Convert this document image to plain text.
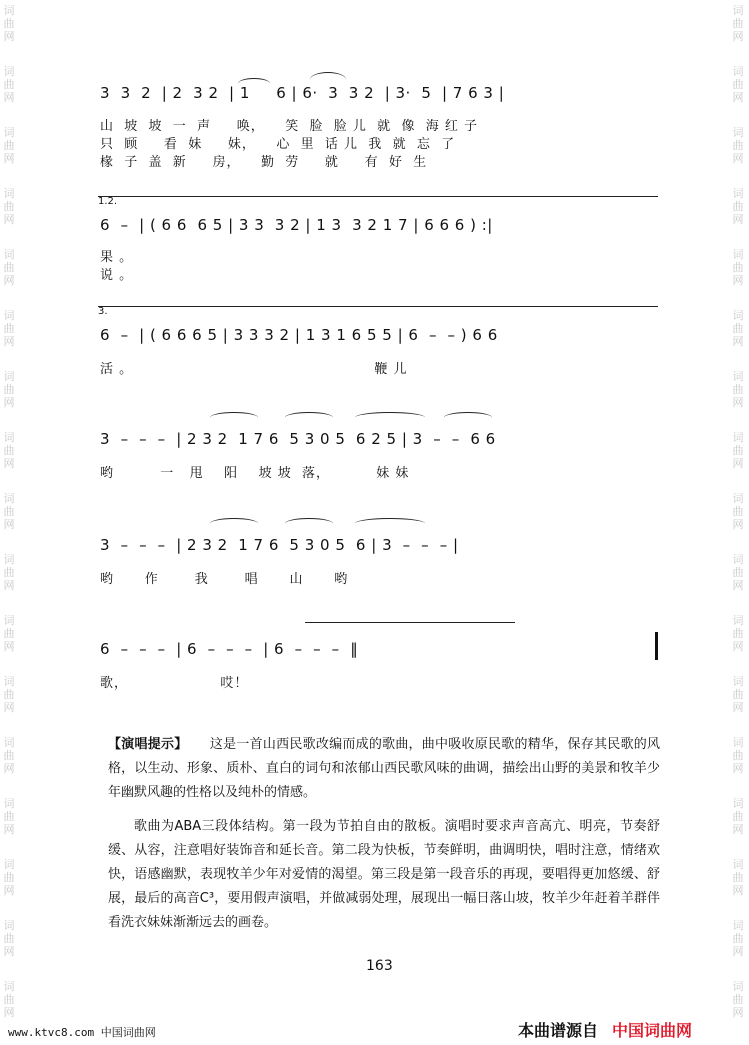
词
曲
网
词
曲
网
词
曲
网
词
曲
网
词
曲
网
词
曲
网
词
曲
网
词
曲
网
词
曲
网
词
曲
网
词
曲
网
词
曲
网
词
曲
网
词
曲
网
词
曲
网
词
曲
网
词
曲
网
词
曲
网
词
曲
网
词
曲
网
词
曲
网
词
曲
网
词
曲
网
词
曲
网
词
曲
网
词
曲
网
词
曲
网
词
曲
网
词
曲
网
词
曲
网
词
曲
网
词
曲
网
词
曲
网
词
曲
网
3  3  2  | 2  3 2  | 1     6 | 6·  3  3 2  | 3·  5  | 7 6 3 |
山  坡  坡  一  声     唤，    笑  脸  脸 儿  就  像  海 红 子
只  顾     看  妹     妹，    心  里  话 儿  我  就  忘  了
椽  子  盖  新     房，    勤  劳     就     有  好  生
1.2.
6  –  | ( 6 6  6 5 | 3 3  3 2 | 1 3  3 2 1 7 | 6 6 6 ) :|
果 。
说 。
3.
6  –  | ( 6 6 6 5 | 3 3 3 2 | 1 3 1 6 5 5 | 6  –  – ) 6 6
活 。                                               鞭 儿
3  –  –  –  | 2 3 2  1 7 6  5 3 0 5  6 2 5 | 3  –  –  6 6
哟         一   甩    阳    坡 坡  落，         妹 妹
3  –  –  –  | 2 3 2  1 7 6  5 3 0 5  6 | 3  –  –  – |
哟      作       我       唱      山      哟
6  –  –  –  | 6  –  –  –  | 6  –  –  –  ‖
歌，                  哎！
【演唱提示】 这是一首山西民歌改编而成的歌曲，曲中吸收原民歌的精华，保存其民歌的风格，以生动、形象、质朴、直白的词句和浓郁山西民歌风味的曲调，描绘出山野的美景和牧羊少年幽默风趣的性格以及纯朴的情感。
歌曲为ABA三段体结构。第一段为节拍自由的散板。演唱时要求声音高亢、明亮，节奏舒缓、从容，注意唱好装饰音和延长音。第二段为快板，节奏鲜明，曲调明快，唱时注意，情绪欢快，语感幽默，表现牧羊少年对爱情的渴望。第三段是第一段音乐的再现，要唱得更加悠缓、舒展，最后的高音C³，要用假声演唱，并做减弱处理，展现出一幅日落山坡，牧羊少年赶着羊群伴看洗衣妹妹渐渐远去的画卷。
163
www.ktvc8.com 中国词曲网	本曲谱源自 中国词曲网
